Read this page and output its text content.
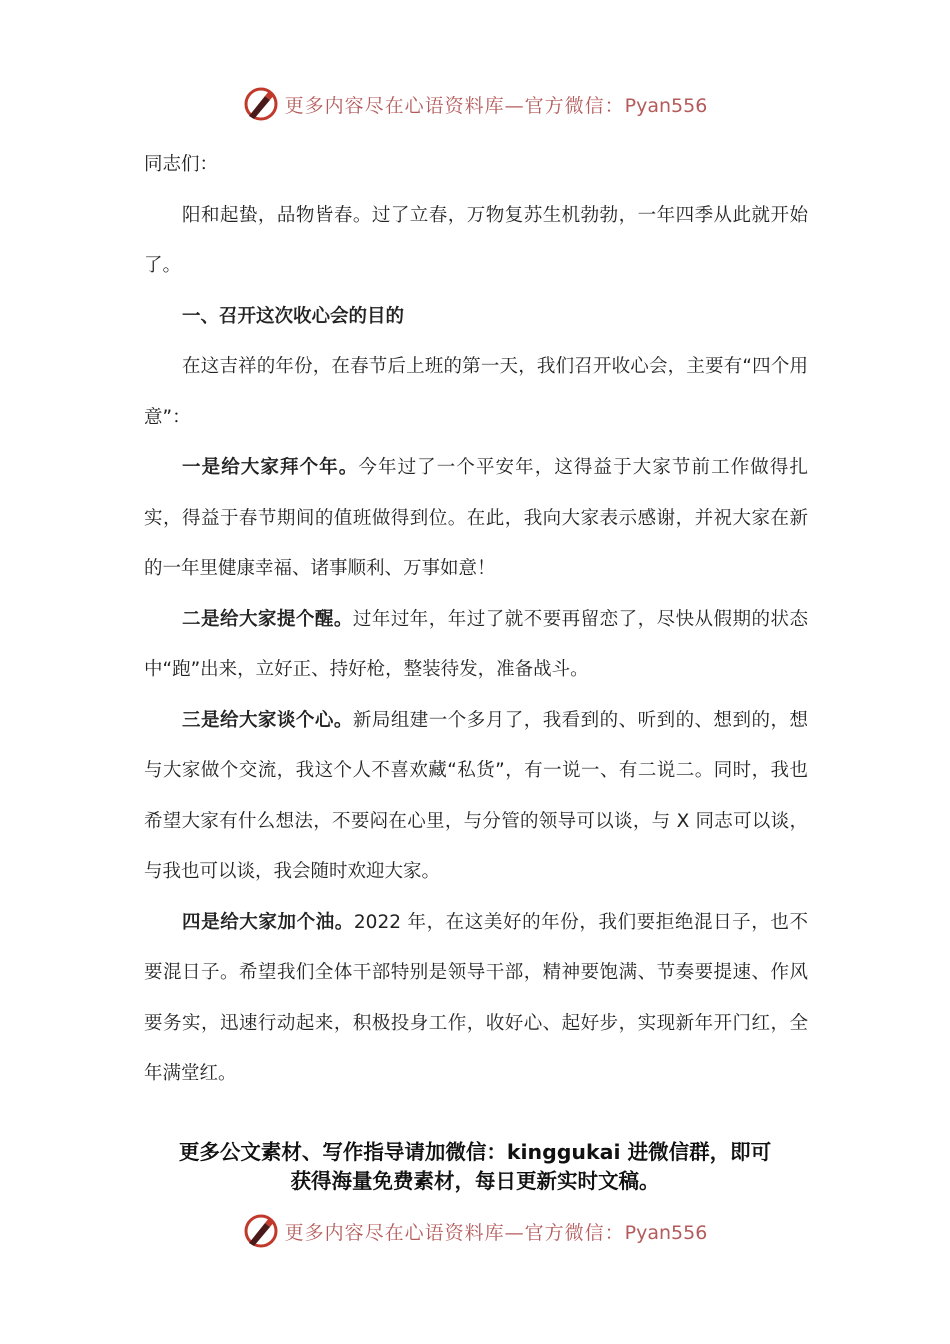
更多内容尽在心语资料库—官方微信：Pyan556

同志们：

阳和起蛰，品物皆春。过了立春，万物复苏生机勃勃，一年四季从此就开始了。

一、召开这次收心会的目的

在这吉祥的年份，在春节后上班的第一天，我们召开收心会，主要有“四个用意”：

一是给大家拜个年。今年过了一个平安年，这得益于大家节前工作做得扎实，得益于春节期间的值班做得到位。在此，我向大家表示感谢，并祝大家在新的一年里健康幸福、诸事顺利、万事如意！

二是给大家提个醒。过年过年，年过了就不要再留恋了，尽快从假期的状态中“跑”出来，立好正、持好枪，整装待发，准备战斗。

三是给大家谈个心。新局组建一个多月了，我看到的、听到的、想到的，想与大家做个交流，我这个人不喜欢藏“私货”，有一说一、有二说二。同时，我也希望大家有什么想法，不要闷在心里，与分管的领导可以谈，与 X 同志可以谈，与我也可以谈，我会随时欢迎大家。

四是给大家加个油。2022 年，在这美好的年份，我们要拒绝混日子，也不要混日子。希望我们全体干部特别是领导干部，精神要饱满、节奏要提速、作风要务实，迅速行动起来，积极投身工作，收好心、起好步，实现新年开门红，全年满堂红。

更多公文素材、写作指导请加微信：kinggukai 进微信群，即可
获得海量免费素材，每日更新实时文稿。
更多内容尽在心语资料库—官方微信：Pyan556
